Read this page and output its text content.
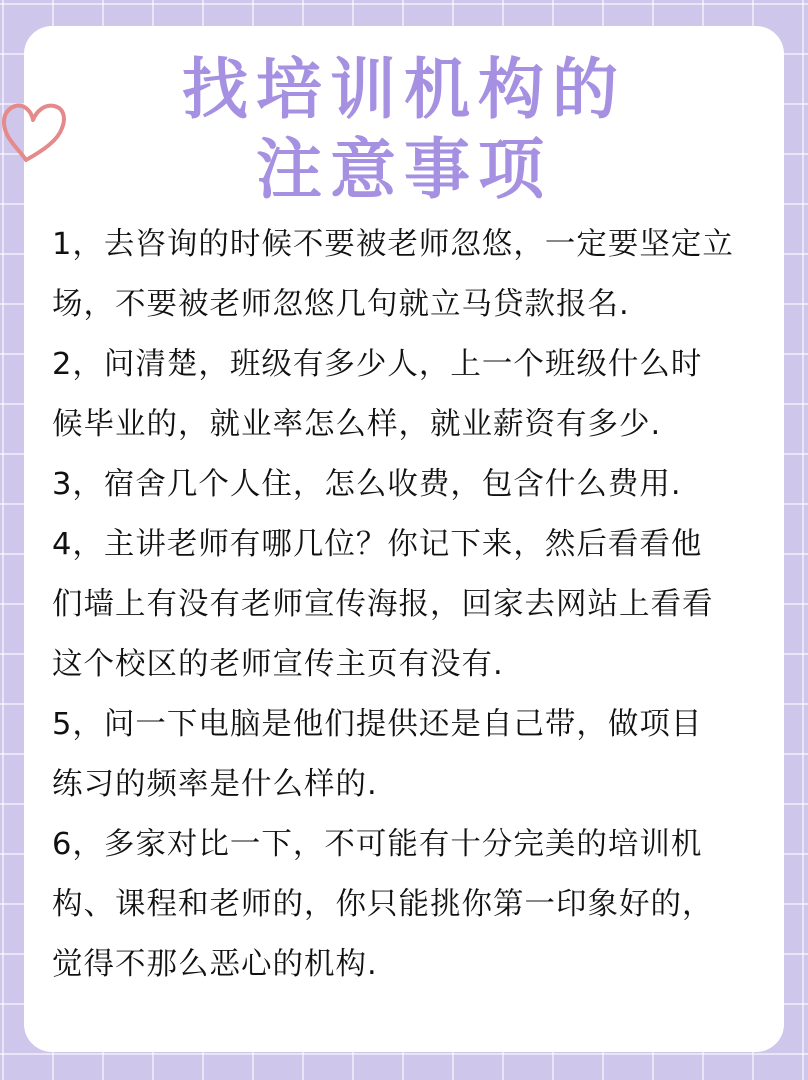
找培训机构的
注意事项
1，去咨询的时候不要被老师忽悠，一定要坚定立
场，不要被老师忽悠几句就立马贷款报名.
2，问清楚，班级有多少人，上一个班级什么时
候毕业的，就业率怎么样，就业薪资有多少.
3，宿舍几个人住，怎么收费，包含什么费用.
4，主讲老师有哪几位？你记下来，然后看看他
们墙上有没有老师宣传海报，回家去网站上看看
这个校区的老师宣传主页有没有.
5，问一下电脑是他们提供还是自己带，做项目
练习的频率是什么样的.
6，多家对比一下，不可能有十分完美的培训机
构、课程和老师的，你只能挑你第一印象好的，
觉得不那么恶心的机构.
